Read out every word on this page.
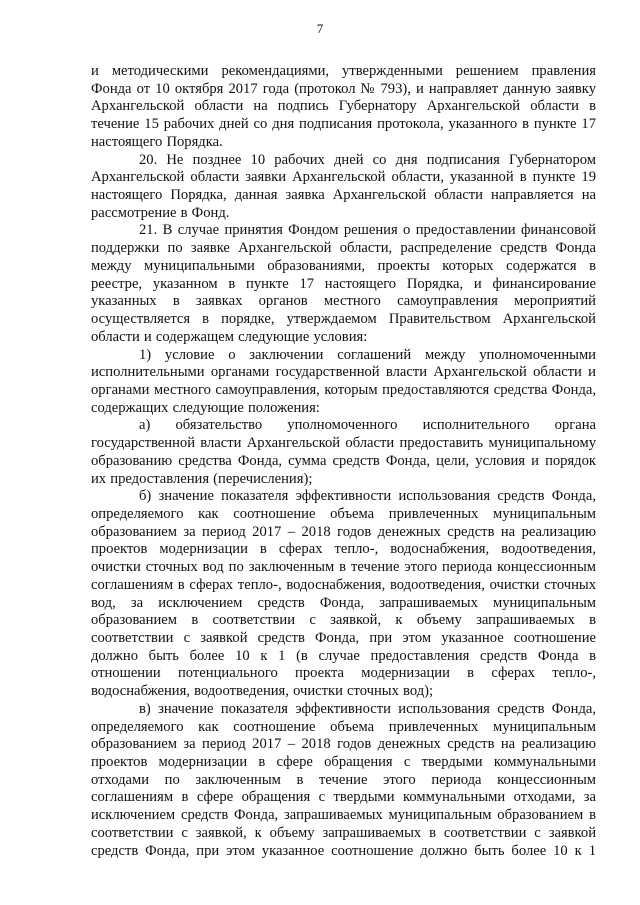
7

и методическими рекомендациями, утвержденными решением правления Фонда от 10 октября 2017 года (протокол № 793), и направляет данную заявку Архангельской области на подпись Губернатору Архангельской области в течение 15 рабочих дней со дня подписания протокола, указанного в пункте 17 настоящего Порядка.

20. Не позднее 10 рабочих дней со дня подписания Губернатором Архангельской области заявки Архангельской области, указанной в пункте 19 настоящего Порядка, данная заявка Архангельской области направляется на рассмотрение в Фонд.

21. В случае принятия Фондом решения о предоставлении финансовой поддержки по заявке Архангельской области, распределение средств Фонда между муниципальными образованиями, проекты которых содержатся в реестре, указанном в пункте 17 настоящего Порядка, и финансирование указанных в заявках органов местного самоуправления мероприятий осуществляется в порядке, утверждаемом Правительством Архангельской области и содержащем следующие условия:

1) условие о заключении соглашений между уполномоченными исполнительными органами государственной власти Архангельской области и органами местного самоуправления, которым предоставляются средства Фонда, содержащих следующие положения:

а) обязательство уполномоченного исполнительного органа государственной власти Архангельской области предоставить муниципальному образованию средства Фонда, сумма средств Фонда, цели, условия и порядок их предоставления (перечисления);

б) значение показателя эффективности использования средств Фонда, определяемого как соотношение объема привлеченных муниципальным образованием за период 2017 – 2018 годов денежных средств на реализацию проектов модернизации в сферах тепло-, водоснабжения, водоотведения, очистки сточных вод по заключенным в течение этого периода концессионным соглашениям в сферах тепло-, водоснабжения, водоотведения, очистки сточных вод, за исключением средств Фонда, запрашиваемых муниципальным образованием в соответствии с заявкой, к объему запрашиваемых в соответствии с заявкой средств Фонда, при этом указанное соотношение должно быть более 10 к 1 (в случае предоставления средств Фонда в отношении потенциального проекта модернизации в сферах тепло-, водоснабжения, водоотведения, очистки сточных вод);

в) значение показателя эффективности использования средств Фонда, определяемого как соотношение объема привлеченных муниципальным образованием за период 2017 – 2018 годов денежных средств на реализацию проектов модернизации в сфере обращения с твердыми коммунальными отходами по заключенным в течение этого периода концессионным соглашениям в сфере обращения с твердыми коммунальными отходами, за исключением средств Фонда, запрашиваемых муниципальным образованием в соответствии с заявкой, к объему запрашиваемых в соответствии с заявкой средств Фонда, при этом указанное соотношение должно быть более 10 к 1
